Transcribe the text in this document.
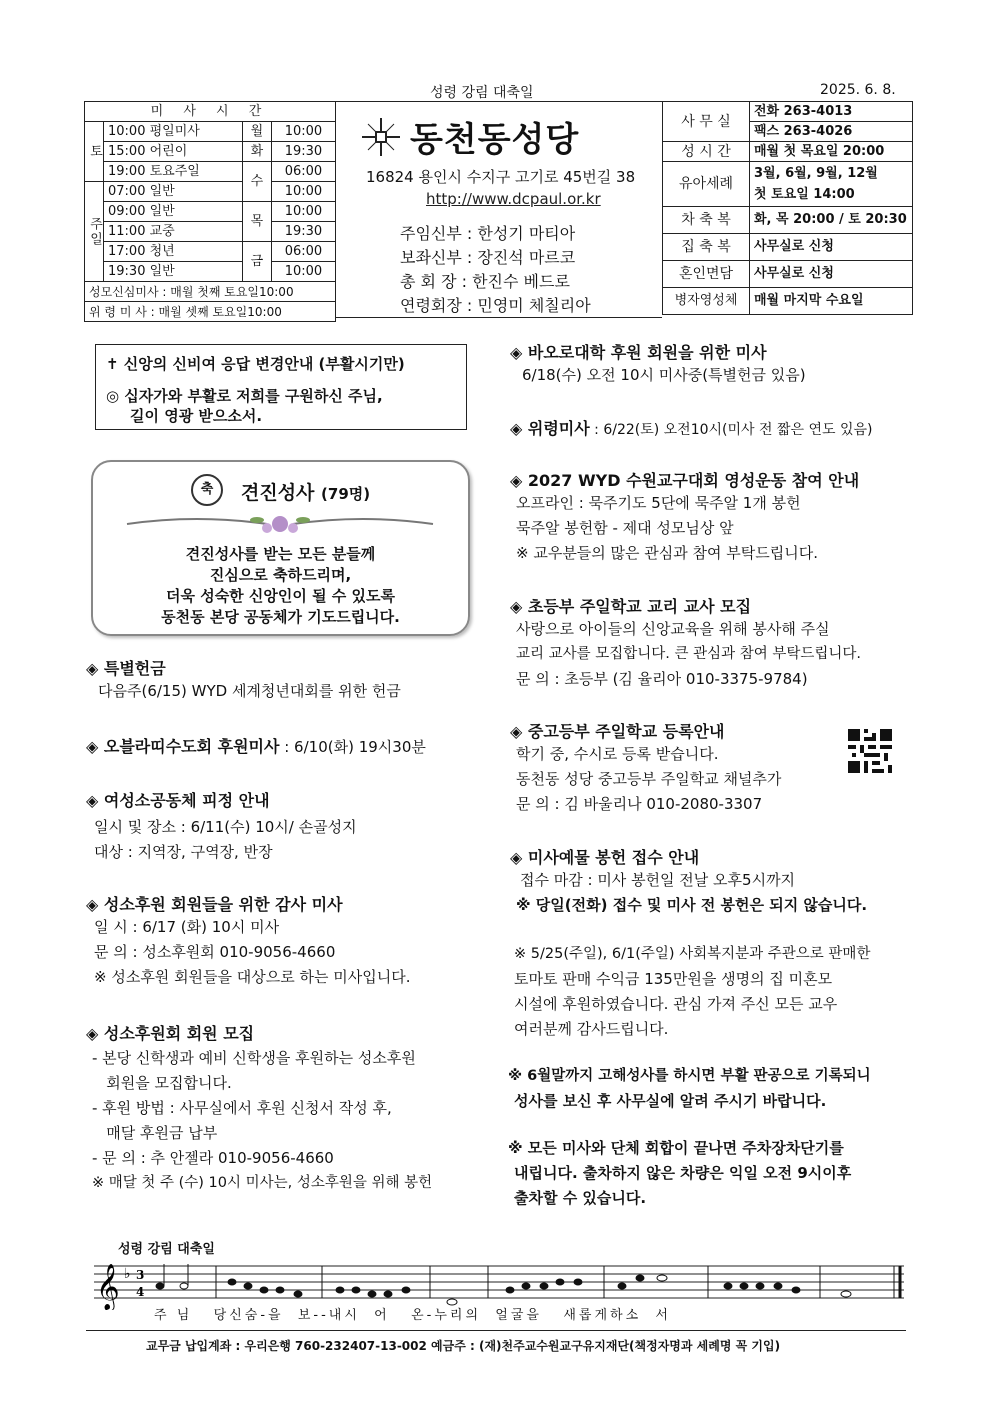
성령 강림 대축일	2025. 6. 8.
미 사 시 간			
토	10:00 평일미사	월	10:00
	15:00 어린이	화	19:30
	19:00 토요주일	수	06:00
주일	07:00 일반		10:00
	09:00 일반	목	10:00
	11:00 교중		19:30
	17:00 청년	금	06:00
	19:30 일반		10:00
성모신심미사 : 매월 첫째 토요일10:00			
위 령 미 사 : 매월 셋째 토요일10:00			
동천동성당
16824 용인시 수지구 고기로 45번길 38
http://www.dcpaul.or.kr
주임신부 : 한성기 마티아
보좌신부 : 장진석 마르코
총 회 장 : 한진수 베드로
연령회장 : 민영미 체칠리아
사 무 실	전화 263-4013
	팩스 263-4026
성 시 간	매월 첫 목요일 20:00
유아세례	3월, 6월, 9월, 12월
첫 토요일 14:00

차 축 복	화, 목 20:00 / 토 20:30
집 축 복	사무실로 신청
혼인면담	사무실로 신청
병자영성체	매월 마지막 수요일
✝ 신앙의 신비여 응답 변경안내 (부활시기만)
◎ 십자가와 부활로 저희를 구원하신 주님,
길이 영광 받으소서.
축	견진성사 (79명)
견진성사를 받는 모든 분들께
진심으로 축하드리며,
더욱 성숙한 신앙인이 될 수 있도록
동천동 본당 공동체가 기도드립니다.
◈ 특별헌금
다음주(6/15) WYD 세계청년대회를 위한 헌금
◈ 오블라띠수도회 후원미사 : 6/10(화) 19시30분
◈ 여성소공동체 피정 안내
일시 및 장소 : 6/11(수) 10시/ 손골성지
대상 : 지역장, 구역장, 반장
◈ 성소후원 회원들을 위한 감사 미사
일 시 : 6/17 (화) 10시 미사
문 의 : 성소후원회 010-9056-4660
※ 성소후원 회원들을 대상으로 하는 미사입니다.
◈ 성소후원회 회원 모집
- 본당 신학생과 예비 신학생을 후원하는 성소후원
회원을 모집합니다.
- 후원 방법 : 사무실에서 후원 신청서 작성 후,
매달 후원금 납부
- 문 의 : 추 안젤라 010-9056-4660
※ 매달 첫 주 (수) 10시 미사는, 성소후원을 위해 봉헌
◈ 바오로대학 후원 회원을 위한 미사
6/18(수) 오전 10시 미사중(특별헌금 있음)
◈ 위령미사 : 6/22(토) 오전10시(미사 전 짧은 연도 있음)
◈ 2027 WYD 수원교구대회 영성운동 참여 안내
오프라인 : 묵주기도 5단에 묵주알 1개 봉헌
묵주알 봉헌함 - 제대 성모님상 앞
※ 교우분들의 많은 관심과 참여 부탁드립니다.
◈ 초등부 주일학교 교리 교사 모집
사랑으로 아이들의 신앙교육을 위해 봉사해 주실
교리 교사를 모집합니다. 큰 관심과 참여 부탁드립니다.
문 의 : 초등부 (김 율리아 010-3375-9784)
◈ 중고등부 주일학교 등록안내
학기 중, 수시로 등록 받습니다.
동천동 성당 중고등부 주일학교 채널추가
문 의 : 김 바울리나 010-2080-3307
◈ 미사예물 봉헌 접수 안내
접수 마감 : 미사 봉헌일 전날 오후5시까지
※ 당일(전화) 접수 및 미사 전 봉헌은 되지 않습니다.
※ 5/25(주일), 6/1(주일) 사회복지분과 주관으로 판매한
토마토 판매 수익금 135만원을 생명의 집 미혼모
시설에 후원하였습니다. 관심 가져 주신 모든 교우
여러분께 감사드립니다.
※ 6월말까지 고해성사를 하시면 부활 판공으로 기록되니
성사를 보신 후 사무실에 알려 주시기 바랍니다.
※ 모든 미사와 단체 회합이 끝나면 주차장차단기를
내립니다. 출차하지 않은 차량은 익일 오전 9시이후
출차할 수 있습니다.
성령 강림 대축일
𝄞 ♭ 3
4
주 님   당신숨-을  보--내시  어   온-누리의  얼굴을   새롭게하소  서
교무금 납입계좌 : 우리은행 760-232407-13-002 예금주 : (재)천주교수원교구유지재단(책정자명과 세례명 꼭 기입)
